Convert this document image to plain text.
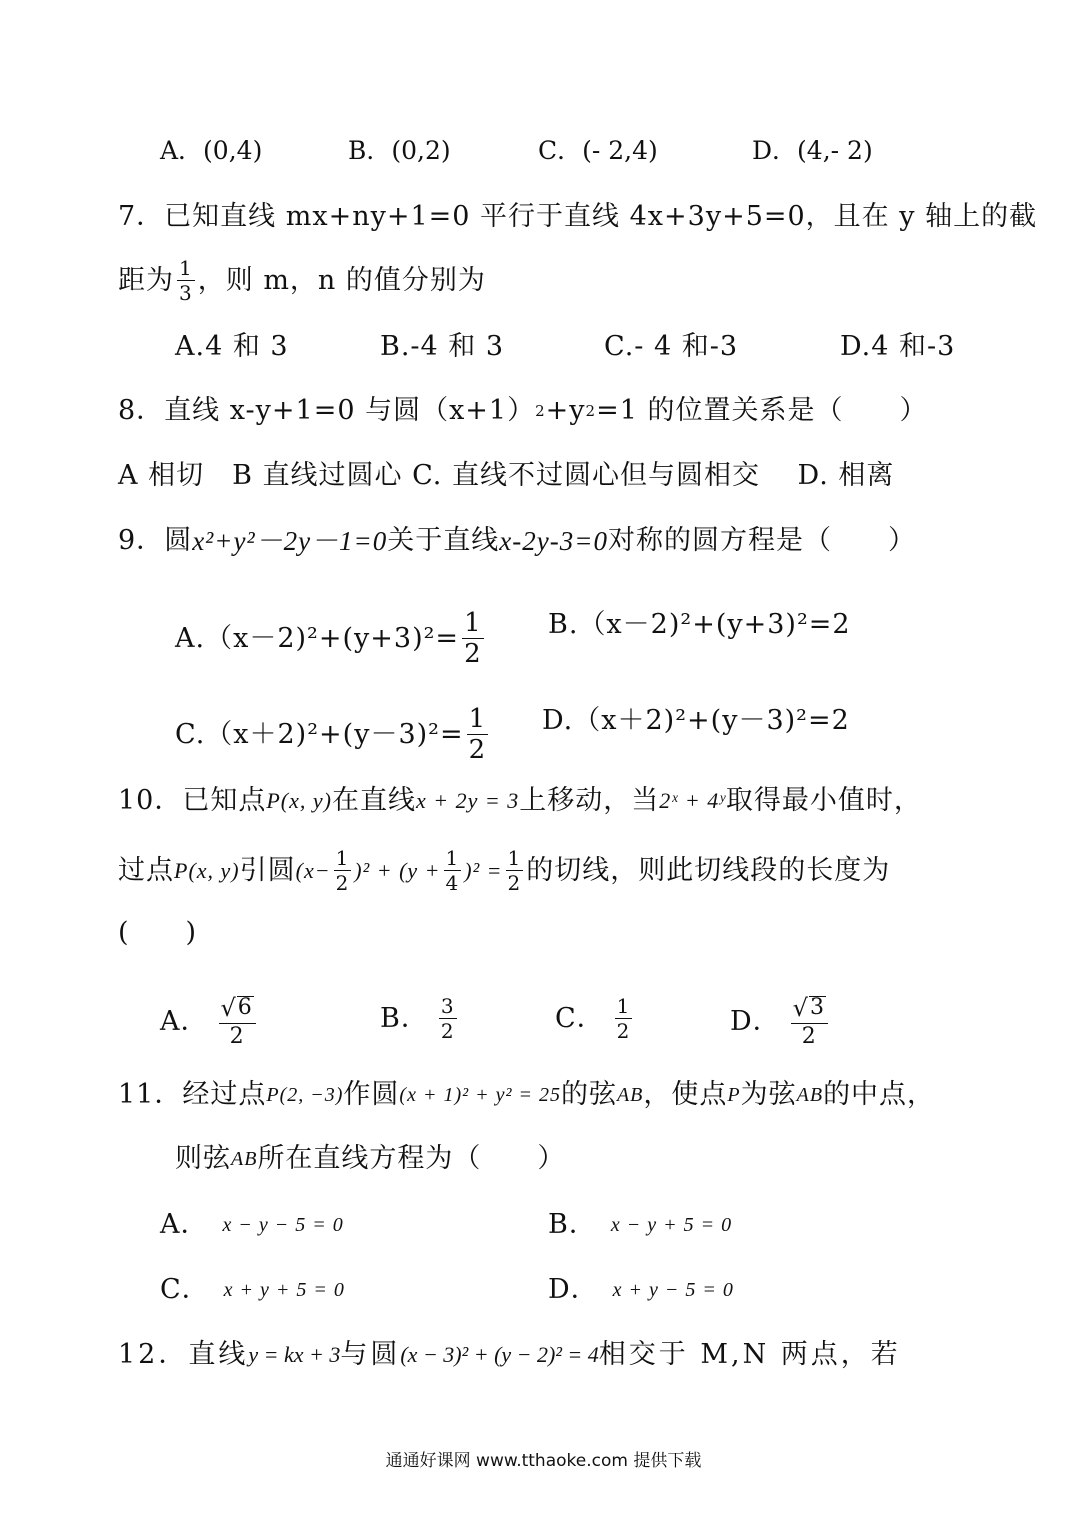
A．(0,4)	B．(0,2)	C．(- 2,4)	D．(4,- 2)
7．已知直线 mx+ny+1=0 平行于直线 4x+3y+5=0，且在 y 轴上的截
距为 $\frac{1}{3}$ ，则 m，n 的值分别为
A.4 和 3	B.-4 和 3	C.- 4 和-3	D.4 和-3
8．直线 x-y+1=0 与圆（x+1） 2 +y 2 =1 的位置关系是（　　）
A 相切　B 直线过圆心 C. 直线不过圆心但与圆相交　 D. 相离
9． 圆 x²+y²－2y－1=0 关于直线 x-2y-3=0 对称的圆方程是（　　）
A. $(x-2)^2+(y+3)^2= \frac{1}{2} B$. （x－2)²+(y+3)²=2
C. $(x+2)^2+(y-3)^2= \frac{1}{2} D$. （x＋2)²+(y－3)²=2
10．已知点 P(x, y) 在直线 x + 2y = 3 上移动，当 2ˣ + 4ʸ 取得最小值时，
过点 P(x, y) 引圆 $(x- \frac{1}{2} )^2 + (y + \frac{1}{4} )^2 = \frac{1}{2}$ 的切线，则此切线段的长度为
(　　)
A． $\frac{√ 6}{2}$	B． $\frac{3}{2}$	C． $\frac{1}{2}$	D． $\frac{√ 3}{2}$
11．经过点 P(2, −3) 作圆 (x + 1)² + y² = 25 的弦 AB ，使点 P 为弦 AB 的中点，
则弦 AB 所在直线方程为（　　）
A． x − y − 5 = 0	B． x − y + 5 = 0
C． x + y + 5 = 0	D． x + y − 5 = 0
12．直线 y = kx + 3 与圆 (x − 3)² + (y − 2)² = 4 相交于 M,N 两点，若
通通好课网 www.tthaoke.com 提供下载
